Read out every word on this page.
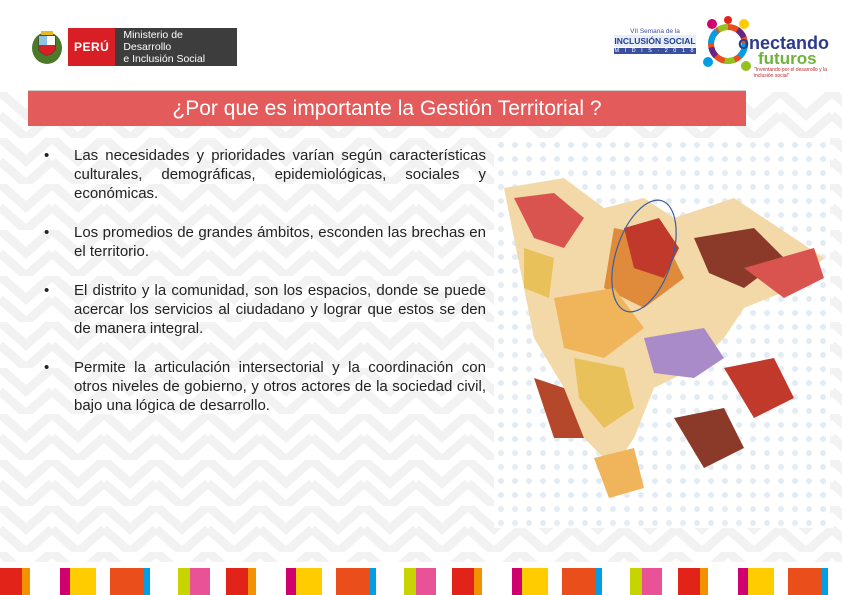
PERÚ
Ministerio de Desarrollo
e Inclusión Social
VII Semana de la
INCLUSIÓN SOCIAL
M I D I S · 2 0 1 8 onectando
futuros
"Inventando por el desarrollo y la inclusión social"
¿Por que es importante la Gestión Territorial ?
•	Las necesidades y prioridades varían según características culturales, demográficas, epidemiológicas, sociales y económicas.
•	Los promedios de grandes ámbitos, esconden las brechas en el territorio.
•	El distrito y la comunidad, son los espacios, donde se puede acercar los servicios al ciudadano y lograr que estos se den de manera integral.
•	Permite la articulación intersectorial y la coordinación con otros niveles de gobierno, y otros actores de la sociedad civil, bajo una lógica de desarrollo.
